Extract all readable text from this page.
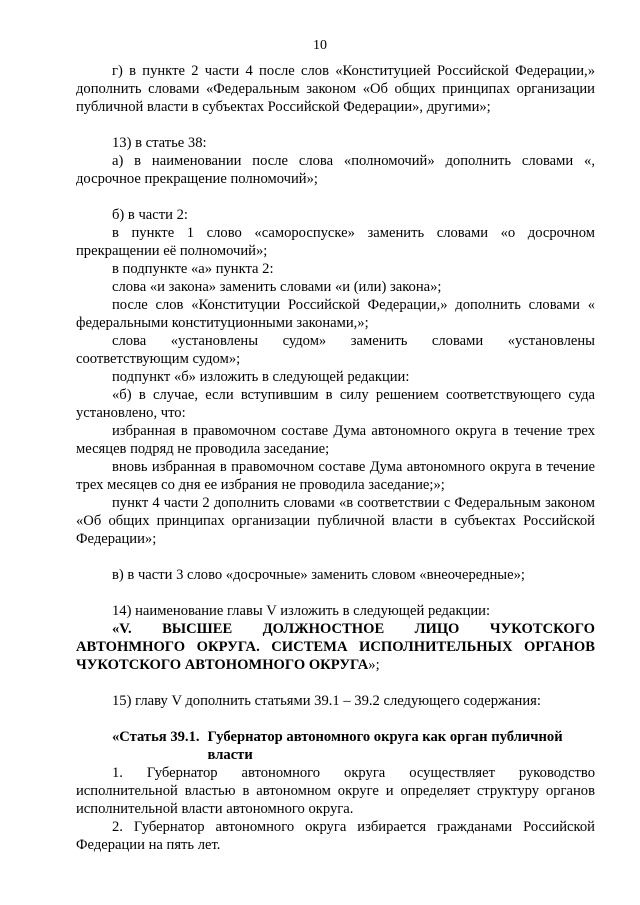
10

г) в пункте 2 части 4 после слов «Конституцией Российской Федерации,» дополнить словами «Федеральным законом «Об общих принципах организации публичной власти в субъектах Российской Федерации», другими»;

13) в статье 38:

а) в наименовании после слова «полномочий» дополнить словами «, досрочное прекращение полномочий»;

б) в части 2:

в пункте 1 слово «самороспуске» заменить словами «о досрочном прекращении её полномочий»;

в подпункте «а» пункта 2:

слова «и закона» заменить словами «и (или) закона»;

после слов «Конституции Российской Федерации,» дополнить словами « федеральными конституционными законами,»;

слова «установлены судом» заменить словами «установлены соответствующим судом»;

подпункт «б» изложить в следующей редакции:

«б) в случае, если вступившим в силу решением соответствующего суда установлено, что:

избранная в правомочном составе Дума автономного округа в течение трех месяцев подряд не проводила заседание;

вновь избранная в правомочном составе Дума автономного округа в течение трех месяцев со дня ее избрания не проводила заседание;»;

пункт 4 части 2 дополнить словами «в соответствии с Федеральным законом «Об общих принципах организации публичной власти в субъектах Российской Федерации»;

в) в части 3 слово «досрочные» заменить словом «внеочередные»;

14) наименование главы V изложить в следующей редакции:

«V. ВЫСШЕЕ ДОЛЖНОСТНОЕ ЛИЦО ЧУКОТСКОГО АВТОНМНОГО ОКРУГА. СИСТЕМА ИСПОЛНИТЕЛЬНЫХ ОРГАНОВ ЧУКОТСКОГО АВТОНОМНОГО ОКРУГА»;

15) главу V дополнить статьями 39.1 – 39.2 следующего содержания:

«Статья 39.1. Губернатор автономного округа как орган публичной власти

1. Губернатор автономного округа осуществляет руководство исполнительной властью в автономном округе и определяет структуру органов исполнительной власти автономного округа.

2. Губернатор автономного округа избирается гражданами Российской Федерации на пять лет.
